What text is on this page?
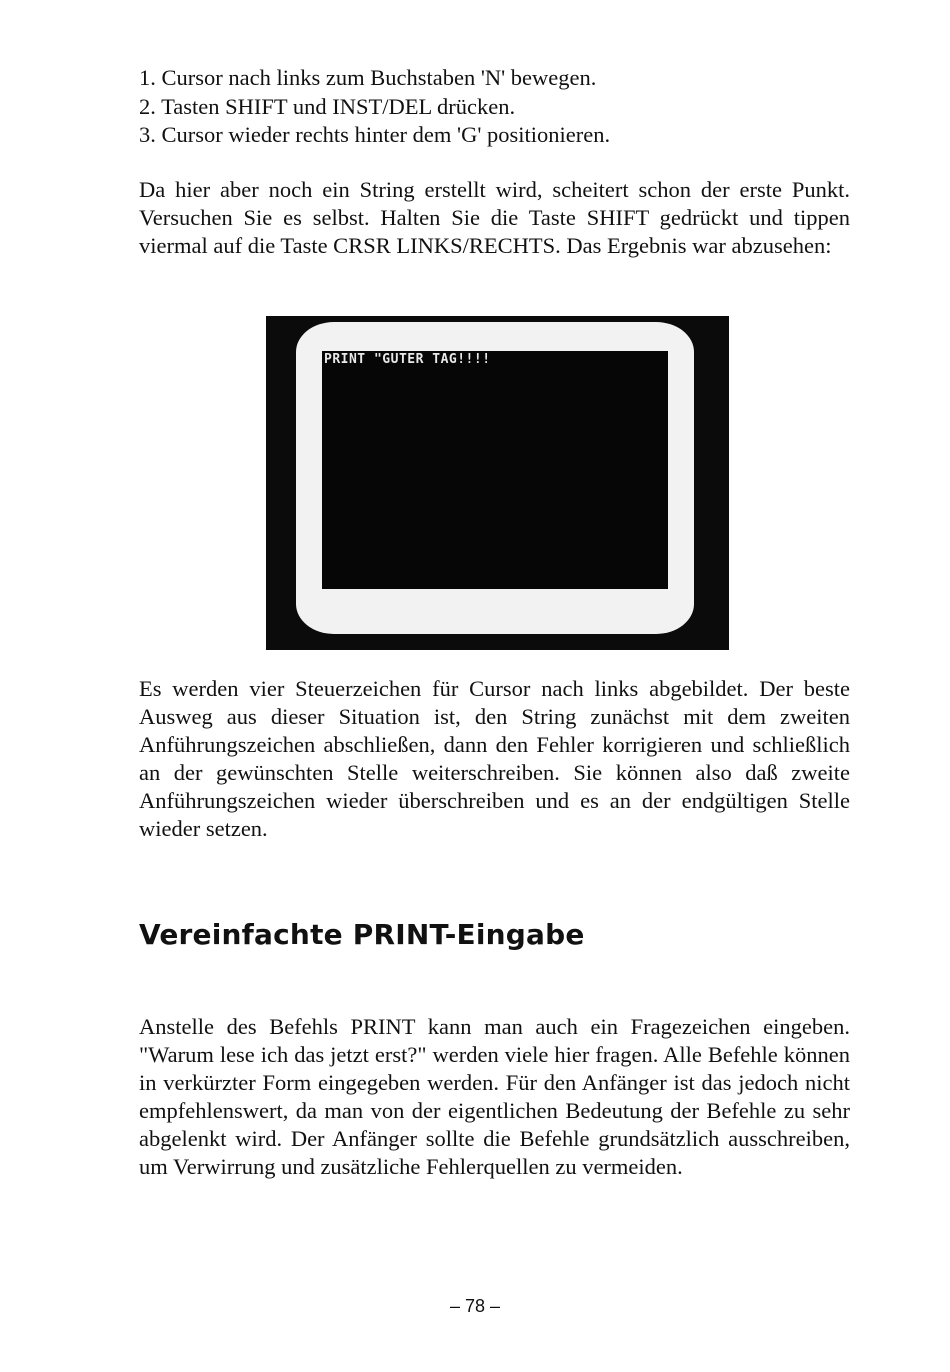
1. Cursor nach links zum Buchstaben 'N' bewegen.
2. Tasten SHIFT und INST/DEL drücken.
3. Cursor wieder rechts hinter dem 'G' positionieren.

Da hier aber noch ein String erstellt wird, scheitert schon der erste Punkt. Versuchen Sie es selbst. Halten Sie die Taste SHIFT gedrückt und tippen viermal auf die Taste CRSR LINKS/RECHTS. Das Ergebnis war abzusehen:

PRINT "GUTER TAG!!!!

Es werden vier Steuerzeichen für Cursor nach links abgebildet. Der beste Ausweg aus dieser Situation ist, den String zunächst mit dem zweiten Anführungszeichen abschließen, dann den Fehler korrigieren und schließlich an der gewünschten Stelle weiterschreiben. Sie können also daß zweite Anführungszeichen wieder überschreiben und es an der endgültigen Stelle wieder setzen.

Vereinfachte PRINT-Eingabe

Anstelle des Befehls PRINT kann man auch ein Fragezeichen eingeben. "Warum lese ich das jetzt erst?" werden viele hier fragen. Alle Befehle können in verkürzter Form eingegeben werden. Für den Anfänger ist das jedoch nicht empfehlenswert, da man von der eigentlichen Bedeutung der Befehle zu sehr abgelenkt wird. Der Anfänger sollte die Befehle grundsätzlich ausschreiben, um Verwirrung und zusätzliche Fehlerquellen zu vermeiden.

– 78 –
